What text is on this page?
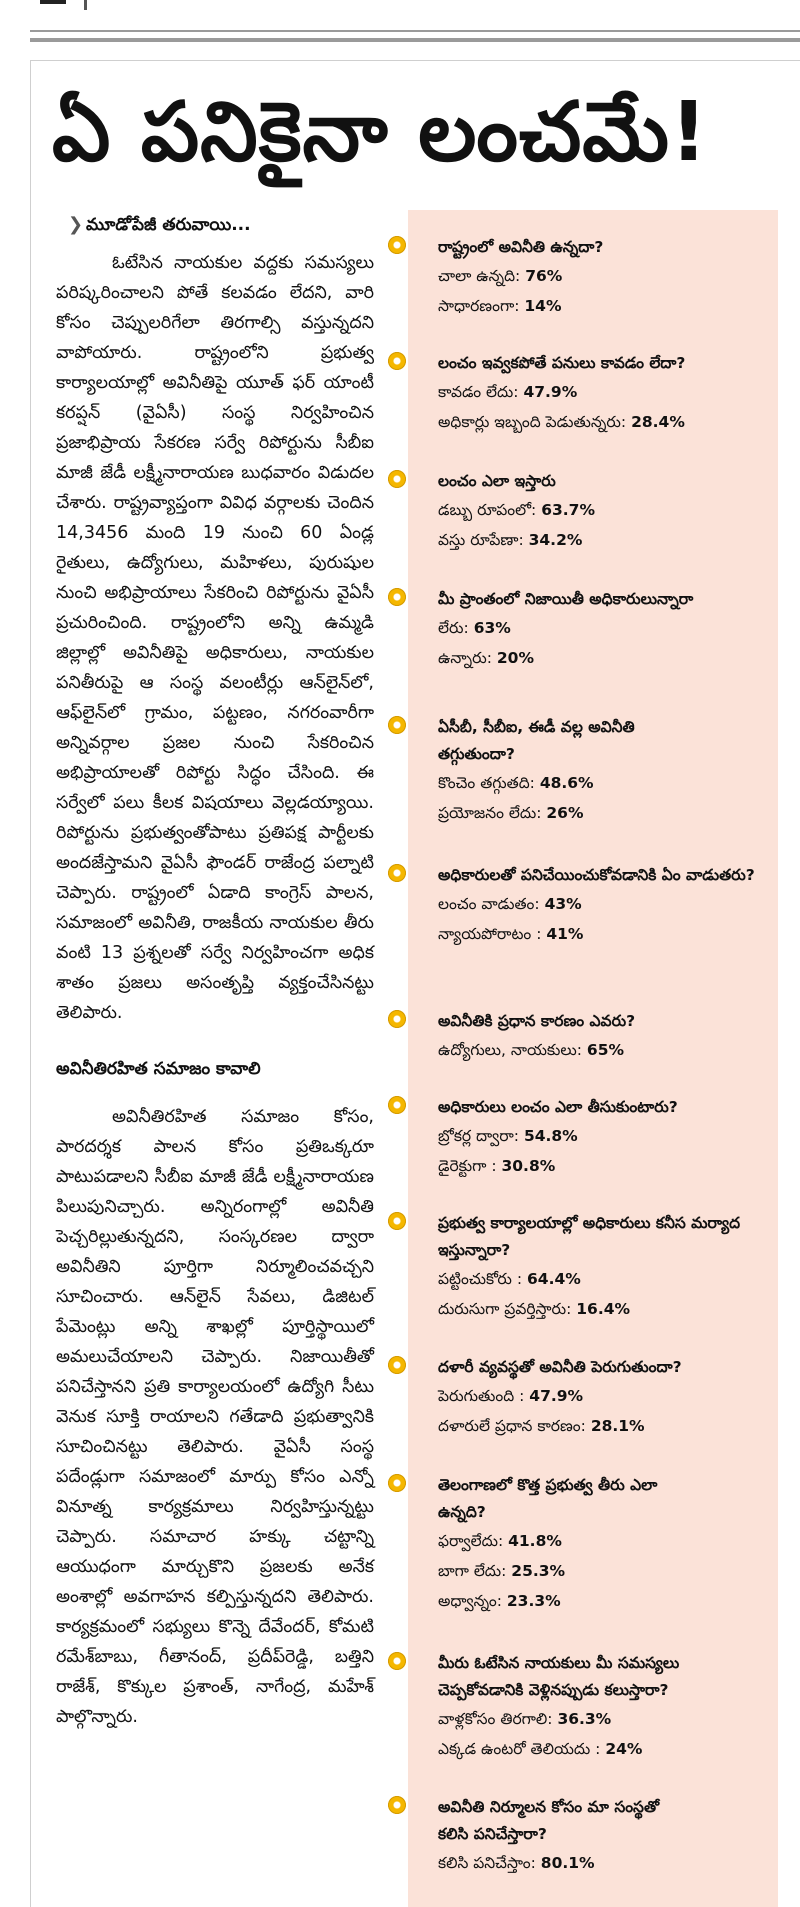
ఏ పనికైనా లంచమే!
❯ మూడోపేజీ తరువాయి...

ఓటేసిన నాయకుల వద్దకు సమస్యలు పరిష్కరించాలని పోతే కలవడం లేదని, వారి కోసం చెప్పులరిగేలా తిరగాల్సి వస్తున్నదని వాపోయారు. రాష్ట్రంలోని ప్రభుత్వ కార్యాలయాల్లో అవినీతిపై యూత్ ఫర్ యాంటీ కరప్షన్ (వైఏసీ) సంస్థ నిర్వహించిన ప్రజాభిప్రాయ సేకరణ సర్వే రిపోర్టును సీబీఐ మాజీ జేడీ లక్ష్మీనారాయణ బుధవారం విడుదల చేశారు. రాష్ట్రవ్యాప్తంగా వివిధ వర్గాలకు చెందిన 14,3456 మంది 19 నుంచి 60 ఏండ్ల రైతులు, ఉద్యోగులు, మహిళలు, పురుషుల నుంచి అభిప్రాయాలు సేకరించి రిపోర్టును వైఏసీ ప్రచురించింది. రాష్ట్రంలోని అన్ని ఉమ్మడి జిల్లాల్లో అవినీతిపై అధికారులు, నాయకుల పనితీరుపై ఆ సంస్థ వలంటీర్లు ఆన్‌లైన్‌లో, ఆఫ్‌లైన్‌లో గ్రామం, పట్టణం, నగరంవారీగా అన్నివర్గాల ప్రజల నుంచి సేకరించిన అభిప్రాయాలతో రిపోర్టు సిద్ధం చేసింది. ఈ సర్వేలో పలు కీలక విషయాలు వెల్లడయ్యాయి. రిపోర్టును ప్రభుత్వంతోపాటు ప్రతిపక్ష పార్టీలకు అందజేస్తామని వైఏసీ ఫౌండర్ రాజేంద్ర పల్నాటి చెప్పారు. రాష్ట్రంలో ఏడాది కాంగ్రెస్ పాలన, సమాజంలో అవినీతి, రాజకీయ నాయకుల తీరు వంటి 13 ప్రశ్నలతో సర్వే నిర్వహించగా అధిక శాతం ప్రజలు అసంతృప్తి వ్యక్తంచేసినట్టు తెలిపారు.

అవినీతిరహిత సమాజం కావాలి

అవినీతిరహిత సమాజం కోసం, పారదర్శక పాలన కోసం ప్రతిఒక్కరూ పాటుపడాలని సీబీఐ మాజీ జేడీ లక్ష్మీనారాయణ పిలుపునిచ్చారు. అన్నిరంగాల్లో అవినీతి పెచ్చరిల్లుతున్నదని, సంస్కరణల ద్వారా అవినీతిని పూర్తిగా నిర్మూలించవచ్చని సూచించారు. ఆన్‌లైన్ సేవలు, డిజిటల్ పేమెంట్లు అన్ని శాఖల్లో పూర్తిస్థాయిలో అమలుచేయాలని చెప్పారు. నిజాయితీతో పనిచేస్తానని ప్రతి కార్యాలయంలో ఉద్యోగి సీటు వెనుక సూక్తి రాయాలని గతేడాది ప్రభుత్వానికి సూచించినట్టు తెలిపారు. వైఏసీ సంస్థ పదేండ్లుగా సమాజంలో మార్పు కోసం ఎన్నో వినూత్న కార్యక్రమాలు నిర్వహిస్తున్నట్టు చెప్పారు. సమాచార హక్కు చట్టాన్ని ఆయుధంగా మార్చుకొని ప్రజలకు అనేక అంశాల్లో అవగాహన కల్పిస్తున్నదని తెలిపారు. కార్యక్రమంలో సభ్యులు కొన్నె దేవేందర్, కోమటి రమేశ్‌బాబు, గీతానంద్, ప్రదీప్‌రెడ్డి, బత్తిని రాజేశ్, కొక్కుల ప్రశాంత్, నాగేంద్ర, మహేశ్ పాల్గొన్నారు.

రాష్ట్రంలో అవినీతి ఉన్నదా?
చాలా ఉన్నది: 76%
సాధారణంగా: 14%
లంచం ఇవ్వకపోతే పనులు కావడం లేదా?
కావడం లేదు: 47.9%
అధికార్లు ఇబ్బంది పెడుతున్నరు: 28.4%
లంచం ఎలా ఇస్తారు
డబ్బు రూపంలో: 63.7%
వస్తు రూపేణా: 34.2%
మీ ప్రాంతంలో నిజాయితీ అధికారులున్నారా
లేరు: 63%
ఉన్నారు: 20%
ఏసీబీ, సీబీఐ, ఈడీ వల్ల అవినీతి తగ్గుతుందా?
కొంచెం తగ్గుతది: 48.6%
ప్రయోజనం లేదు: 26%
అధికారులతో పనిచేయించుకోవడానికి ఏం వాడుతరు?
లంచం వాడుతం: 43%
న్యాయపోరాటం : 41%
అవినీతికి ప్రధాన కారణం ఎవరు?
ఉద్యోగులు, నాయకులు: 65%
అధికారులు లంచం ఎలా తీసుకుంటారు?
బ్రోకర్ల ద్వారా: 54.8%
డైరెక్టుగా : 30.8%
ప్రభుత్వ కార్యాలయాల్లో అధికారులు కనీస మర్యాద ఇస్తున్నారా?
పట్టించుకోరు : 64.4%
దురుసుగా ప్రవర్తిస్తారు: 16.4%
దళారీ వ్యవస్థతో అవినీతి పెరుగుతుందా?
పెరుగుతుంది : 47.9%
దళారులే ప్రధాన కారణం: 28.1%
తెలంగాణలో కొత్త ప్రభుత్వ తీరు ఎలా ఉన్నది?
ఫర్వాలేదు: 41.8%
బాగా లేదు: 25.3%
అధ్వాన్నం: 23.3%
మీరు ఓటేసిన నాయకులు మీ సమస్యలు చెప్పకోవడానికి వెళ్లినప్పుడు కలుస్తారా?
వాళ్లకోసం తిరగాలి: 36.3%
ఎక్కడ ఉంటరో తెలియదు : 24%
అవినీతి నిర్మూలన కోసం మా సంస్థతో కలిసి పనిచేస్తారా?
కలిసి పనిచేస్తాం: 80.1%
